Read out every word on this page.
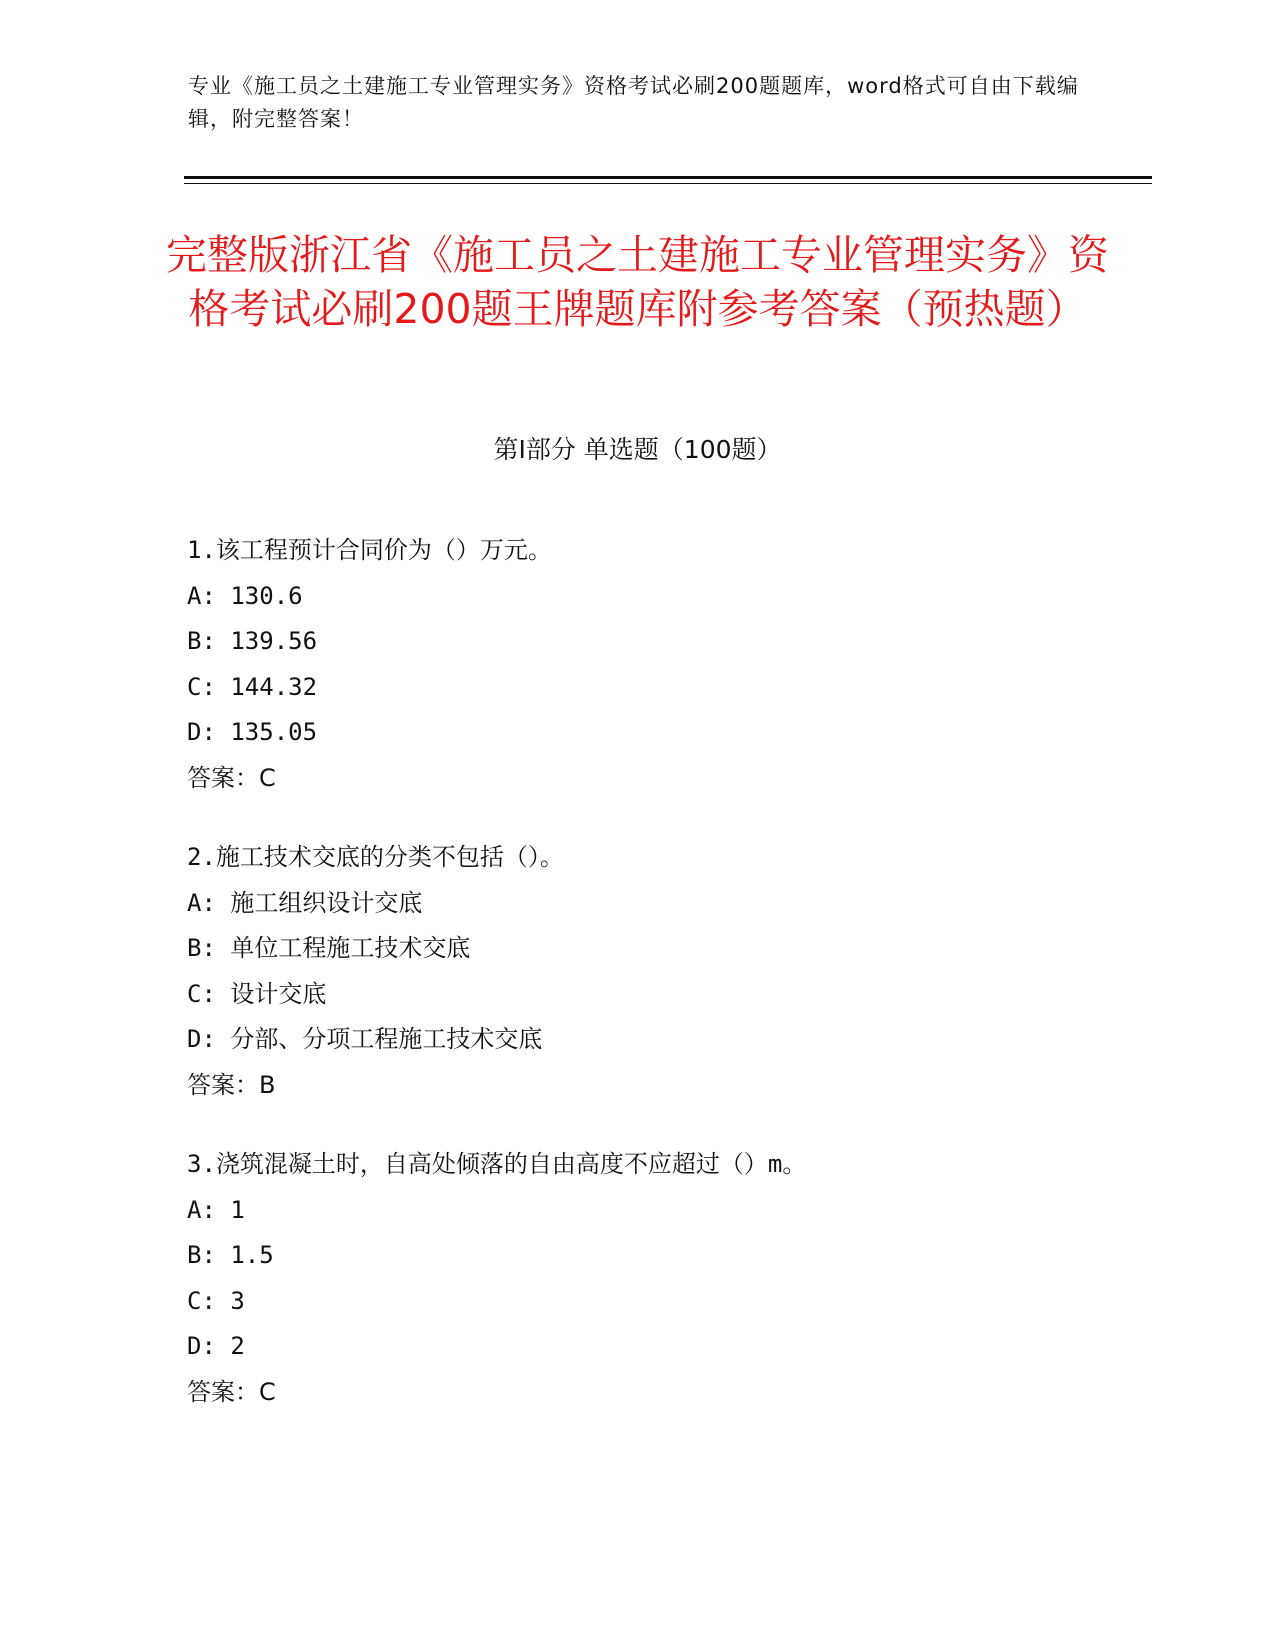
专业《施工员之土建施工专业管理实务》资格考试必刷200题题库，word格式可自由下载编辑，附完整答案！
完整版浙江省《施工员之土建施工专业管理实务》资格考试必刷200题王牌题库附参考答案（预热题）
第I部分 单选题（100题）
1.该工程预计合同价为（）万元。
A: 130.6
B: 139.56
C: 144.32
D: 135.05
答案：C
2.施工技术交底的分类不包括（）。
A: 施工组织设计交底
B: 单位工程施工技术交底
C: 设计交底
D: 分部、分项工程施工技术交底
答案：B
3.浇筑混凝土时，自高处倾落的自由高度不应超过（）m。
A: 1
B: 1.5
C: 3
D: 2
答案：C
